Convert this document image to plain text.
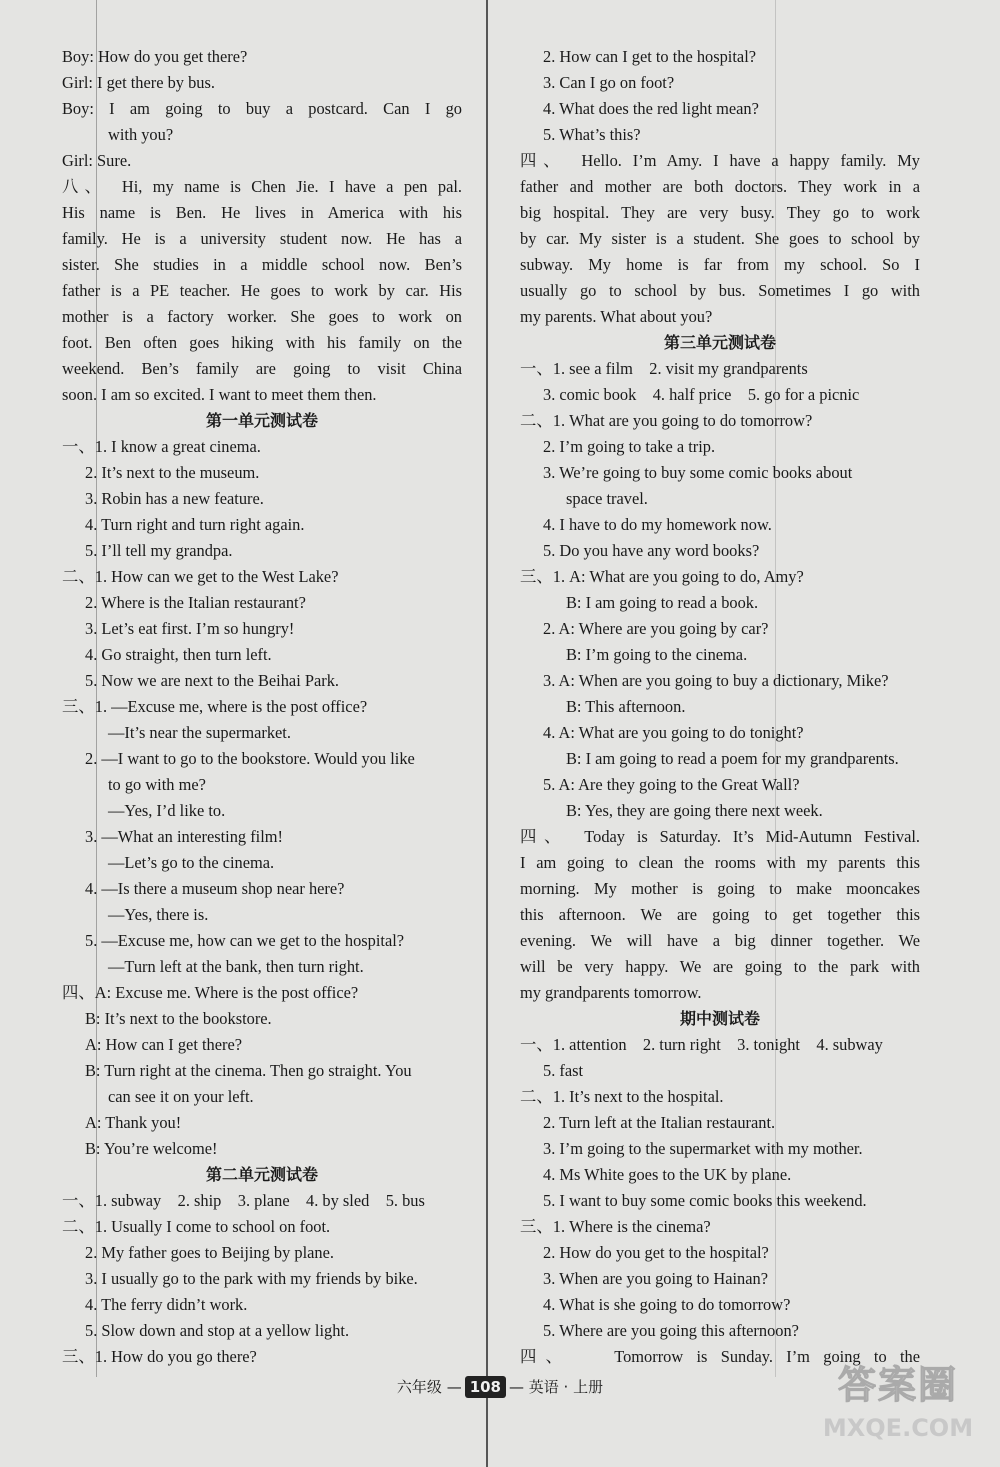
Boy: How do you get there?
Girl: I get there by bus.
Boy: I am going to buy a postcard. Can I go
with you?
Girl: Sure.
八、　Hi, my name is Chen Jie. I have a pen pal.
His name is Ben. He lives in America with his
family. He is a university student now. He has a
sister. She studies in a middle school now. Ben’s
father is a PE teacher. He goes to work by car. His
mother is a factory worker. She goes to work on
foot. Ben often goes hiking with his family on the
weekend. Ben’s family are going to visit China
soon. I am so excited. I want to meet them then.
第一单元测试卷
一、1. I know a great cinema.
2. It’s next to the museum.
3. Robin has a new feature.
4. Turn right and turn right again.
5. I’ll tell my grandpa.
二、1. How can we get to the West Lake?
2. Where is the Italian restaurant?
3. Let’s eat first. I’m so hungry!
4. Go straight, then turn left.
5. Now we are next to the Beihai Park.
三、1. —Excuse me, where is the post office?
—It’s near the supermarket.
2. —I want to go to the bookstore. Would you like
to go with me?
—Yes, I’d like to.
3. —What an interesting film!
—Let’s go to the cinema.
4. —Is there a museum shop near here?
—Yes, there is.
5. —Excuse me, how can we get to the hospital?
—Turn left at the bank, then turn right.
四、A: Excuse me. Where is the post office?
B: It’s next to the bookstore.
A: How can I get there?
B: Turn right at the cinema. Then go straight. You
can see it on your left.
A: Thank you!
B: You’re welcome!
第二单元测试卷
一、1. subway　2. ship　3. plane　4. by sled　5. bus
二、1. Usually I come to school on foot.
2. My father goes to Beijing by plane.
3. I usually go to the park with my friends by bike.
4. The ferry didn’t work.
5. Slow down and stop at a yellow light.
三、1. How do you go there?
2. How can I get to the hospital?
3. Can I go on foot?
4. What does the red light mean?
5. What’s this?
四、　Hello. I’m Amy. I have a happy family. My
father and mother are both doctors. They work in a
big hospital. They are very busy. They go to work
by car. My sister is a student. She goes to school by
subway. My home is far from my school. So I
usually go to school by bus. Sometimes I go with
my parents. What about you?
第三单元测试卷
一、1. see a film　2. visit my grandparents
3. comic book　4. half price　5. go for a picnic
二、1. What are you going to do tomorrow?
2. I’m going to take a trip.
3. We’re going to buy some comic books about
space travel.
4. I have to do my homework now.
5. Do you have any word books?
三、1. A: What are you going to do, Amy?
B: I am going to read a book.
2. A: Where are you going by car?
B: I’m going to the cinema.
3. A: When are you going to buy a dictionary, Mike?
B: This afternoon.
4. A: What are you going to do tonight?
B: I am going to read a poem for my grandparents.
5. A: Are they going to the Great Wall?
B: Yes, they are going there next week.
四、　Today is Saturday. It’s Mid-Autumn Festival.
I am going to clean the rooms with my parents this
morning. My mother is going to make mooncakes
this afternoon. We are going to get together this
evening. We will have a big dinner together. We
will be very happy. We are going to the park with
my grandparents tomorrow.
期中测试卷
一、1. attention　2. turn right　3. tonight　4. subway
5. fast
二、1. It’s next to the hospital.
2. Turn left at the Italian restaurant.
3. I’m going to the supermarket with my mother.
4. Ms White goes to the UK by plane.
5. I want to buy some comic books this weekend.
三、1. Where is the cinema?
2. How do you get to the hospital?
3. When are you going to Hainan?
4. What is she going to do tomorrow?
5. Where are you going this afternoon?
四、　　Tomorrow is Sunday. I’m going to the
六年级 — 108 — 英语 · 上册	答案圈
MXQE.COM
